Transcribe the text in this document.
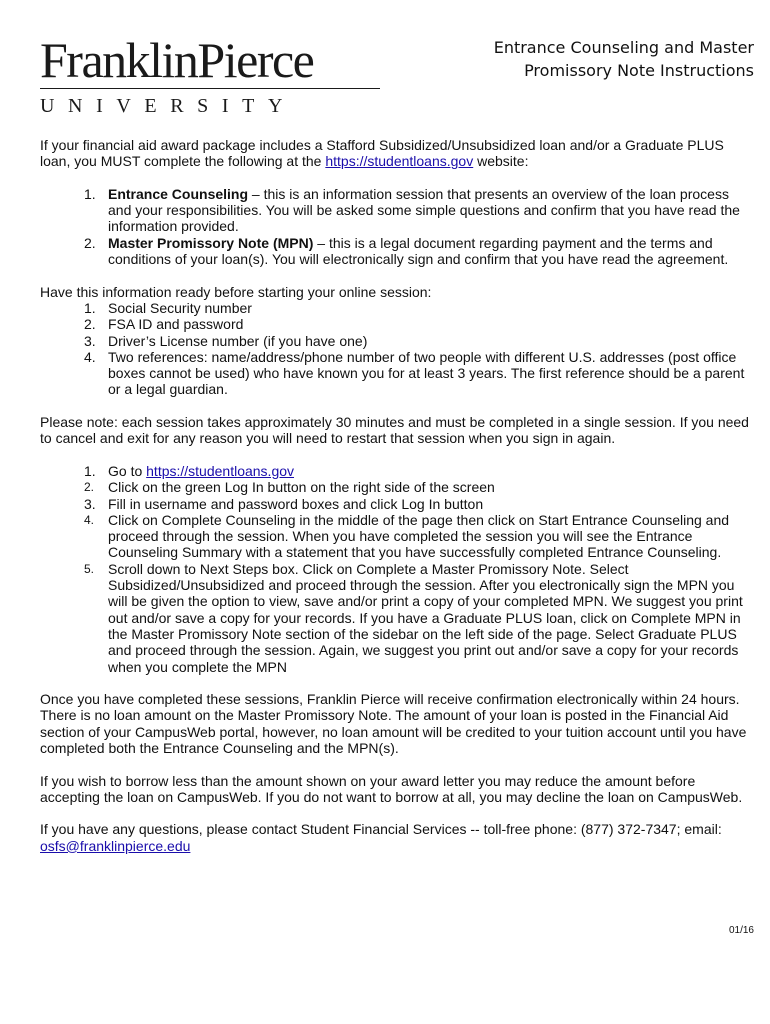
FranklinPierce
UNIVERSITY
Entrance Counseling and Master
Promissory Note Instructions

If your financial aid award package includes a Stafford Subsidized/Unsubsidized loan and/or a Graduate PLUS loan, you MUST complete the following at the https://studentloans.gov website:

1. Entrance Counseling – this is an information session that presents an overview of the loan process and your responsibilities. You will be asked some simple questions and confirm that you have read the information provided.
2. Master Promissory Note (MPN) – this is a legal document regarding payment and the terms and conditions of your loan(s). You will electronically sign and confirm that you have read the agreement.

Have this information ready before starting your online session:

1. Social Security number
2. FSA ID and password
3. Driver’s License number (if you have one)
4. Two references: name/address/phone number of two people with different U.S. addresses (post office boxes cannot be used) who have known you for at least 3 years. The first reference should be a parent or a legal guardian.

Please note: each session takes approximately 30 minutes and must be completed in a single session. If you need to cancel and exit for any reason you will need to restart that session when you sign in again.

1. Go to https://studentloans.gov
2. Click on the green Log In button on the right side of the screen
3. Fill in username and password boxes and click Log In button
4. Click on Complete Counseling in the middle of the page then click on Start Entrance Counseling and proceed through the session. When you have completed the session you will see the Entrance Counseling Summary with a statement that you have successfully completed Entrance Counseling.
5. Scroll down to Next Steps box. Click on Complete a Master Promissory Note. Select Subsidized/Unsubsidized and proceed through the session. After you electronically sign the MPN you will be given the option to view, save and/or print a copy of your completed MPN. We suggest you print out and/or save a copy for your records. If you have a Graduate PLUS loan, click on Complete MPN in the Master Promissory Note section of the sidebar on the left side of the page. Select Graduate PLUS and proceed through the session. Again, we suggest you print out and/or save a copy for your records when you complete the MPN

Once you have completed these sessions, Franklin Pierce will receive confirmation electronically within 24 hours. There is no loan amount on the Master Promissory Note. The amount of your loan is posted in the Financial Aid section of your CampusWeb portal, however, no loan amount will be credited to your tuition account until you have completed both the Entrance Counseling and the MPN(s).

If you wish to borrow less than the amount shown on your award letter you may reduce the amount before accepting the loan on CampusWeb. If you do not want to borrow at all, you may decline the loan on CampusWeb.

If you have any questions, please contact Student Financial Services -- toll-free phone: (877) 372-7347; email: osfs@franklinpierce.edu

01/16
